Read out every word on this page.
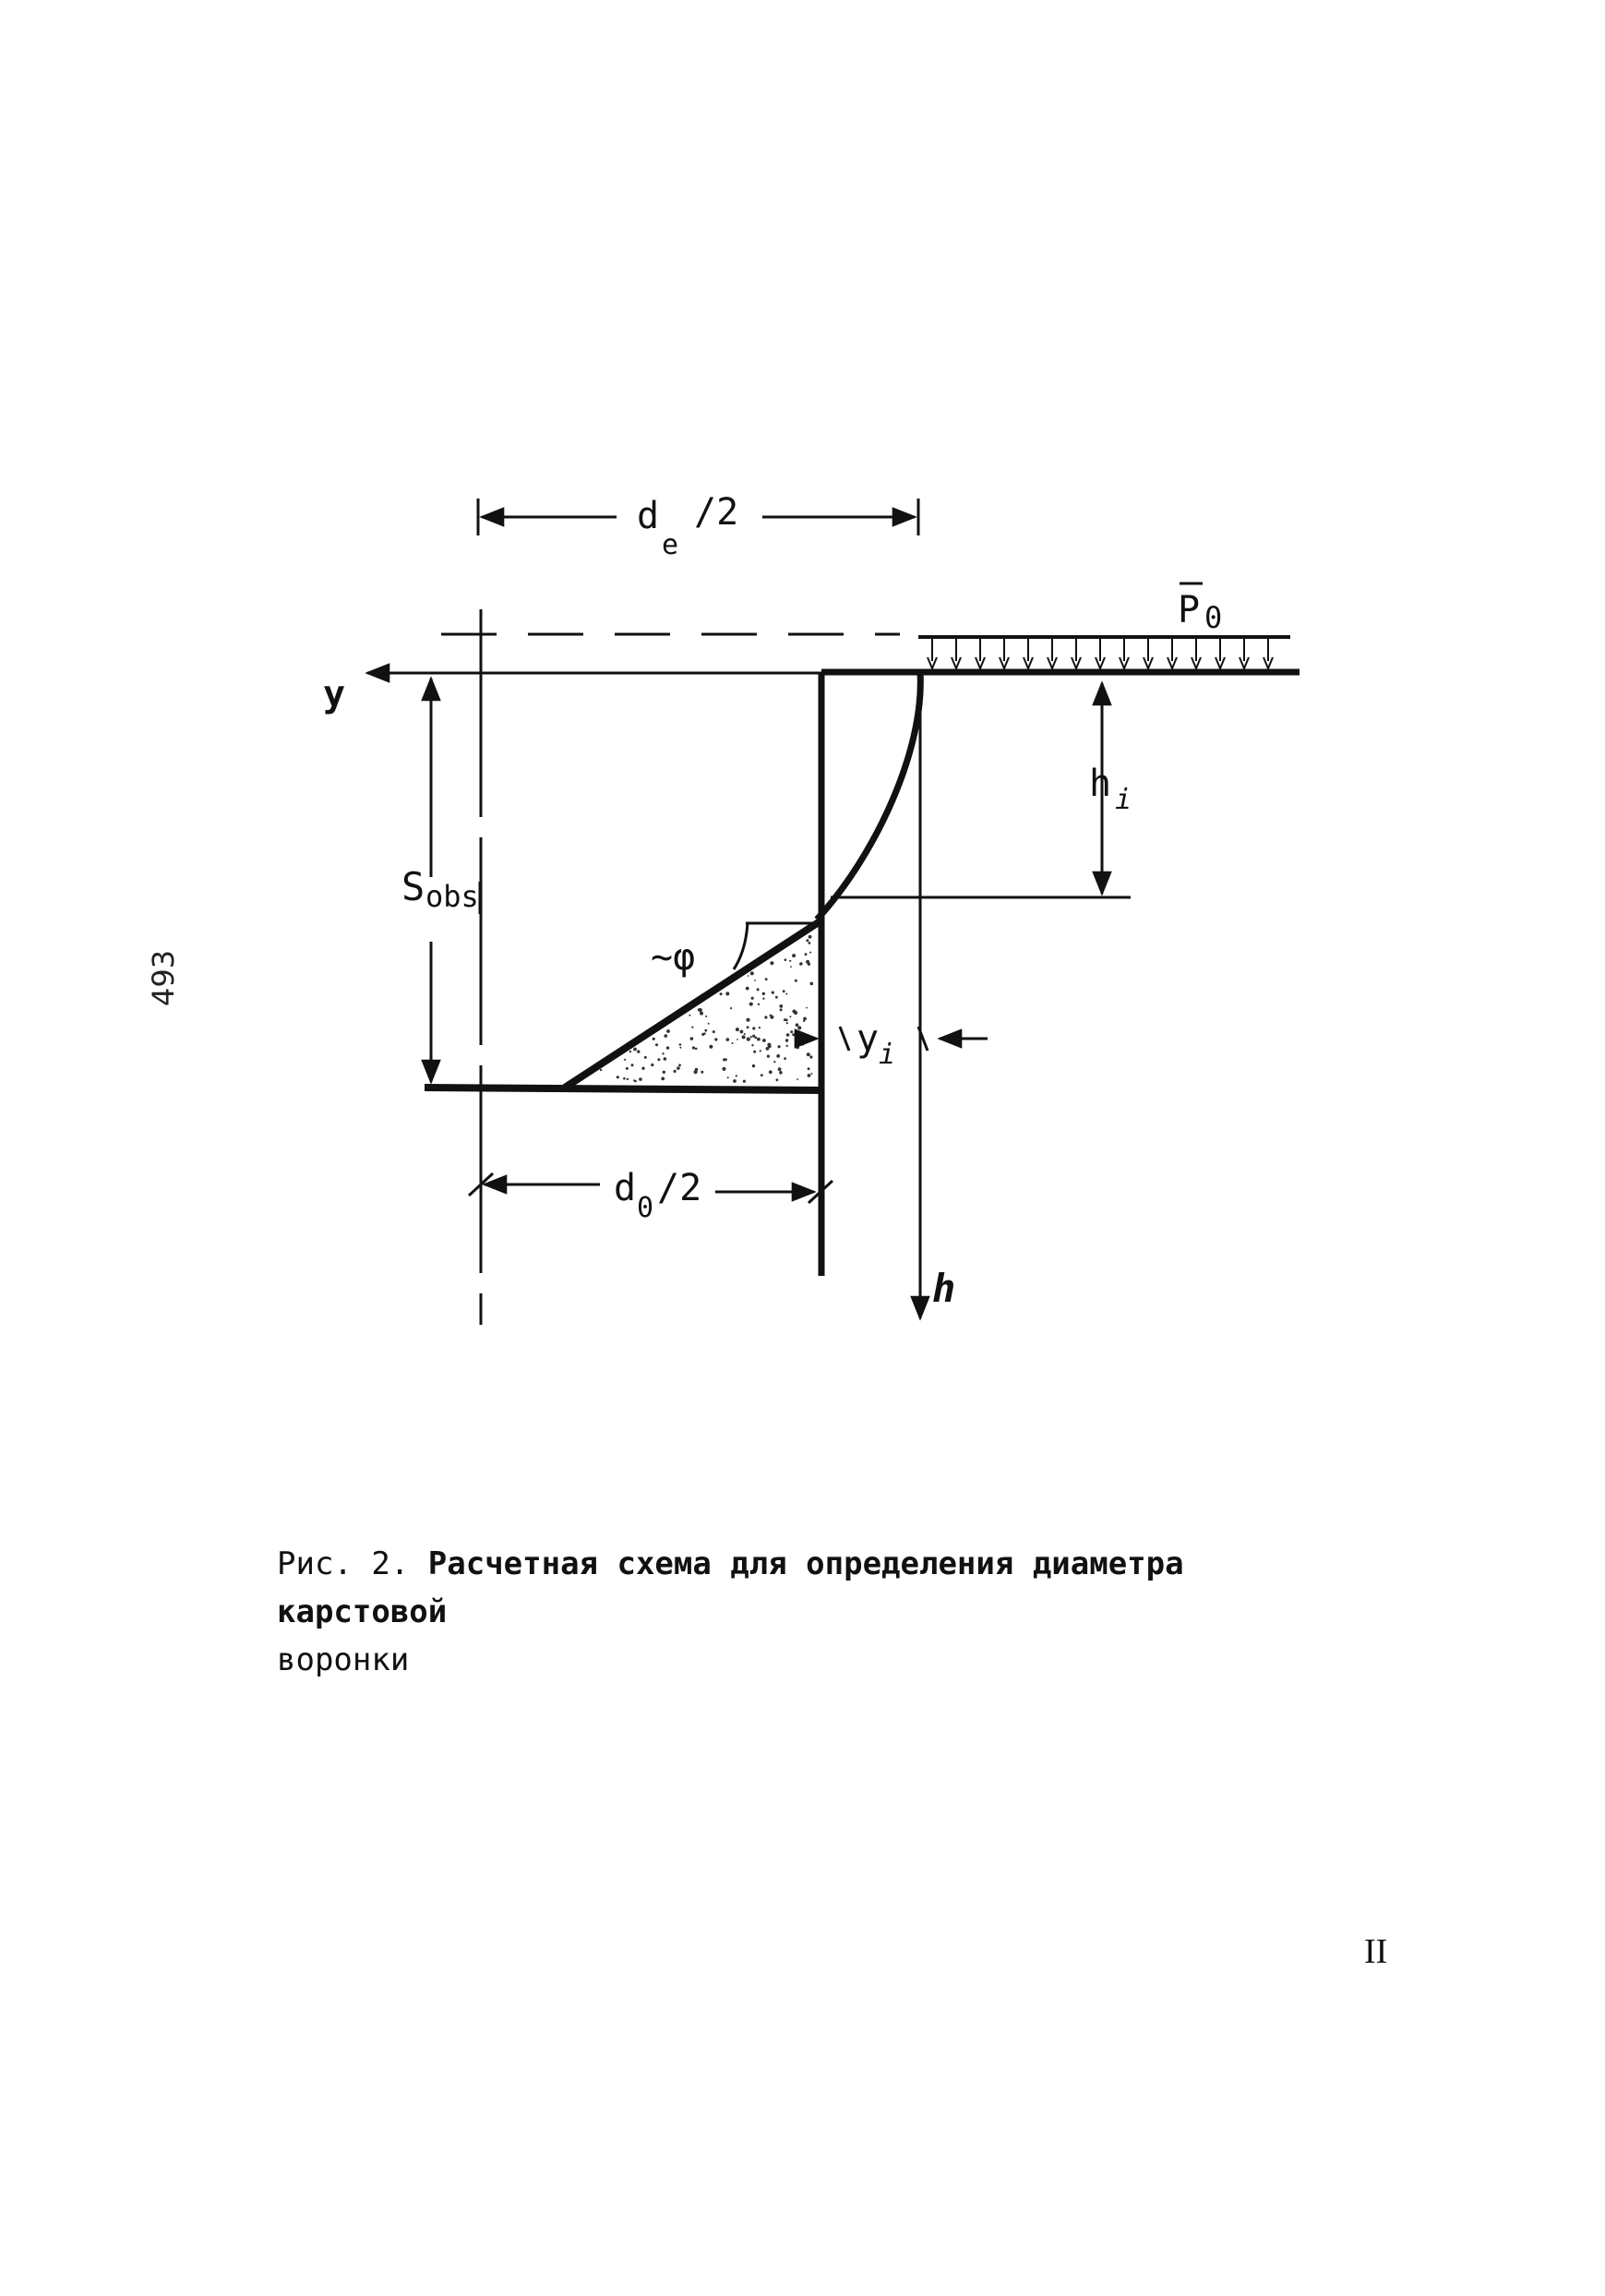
d
e
/2
y
P 0
h i
S obs
~φ
y i
h
d 0 /2
493
Рис. 2. Расчетная схема для определения диаметра карстовой
воронки
II
